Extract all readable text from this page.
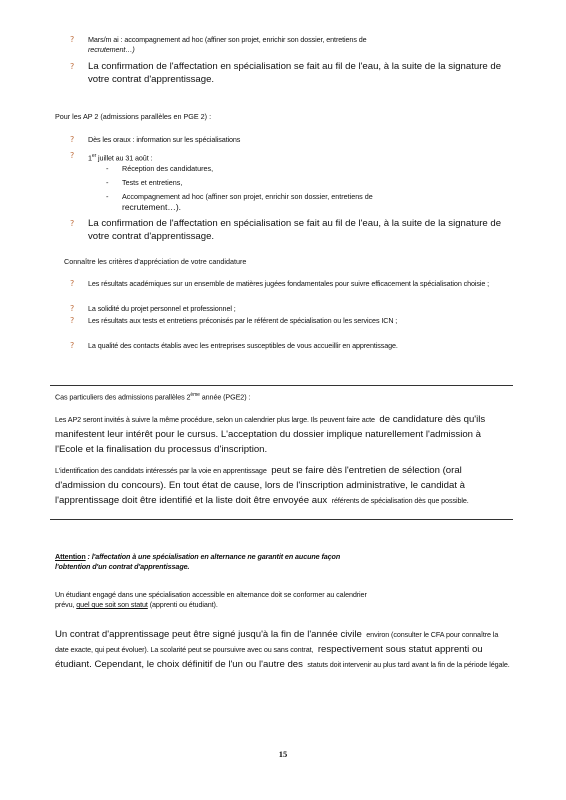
? Mars/m ai : accompagnement ad hoc (affiner son projet, enrichir son dossier, entretiens de
recrutement…)
? La confirmation de l'affectation en spécialisation se fait au fil de l'eau, à la suite de la signature de votre contrat d'apprentissage.
Pour les AP 2 (admissions parallèles en PGE 2) :
? Dès les oraux : information sur les spécialisations
? 1er juillet au 31 août :
- Réception des candidatures,
- Tests et entretiens,
- Accompagnement ad hoc (affiner son projet, enrichir son dossier, entretiens de
recrutement…).
? La confirmation de l'affectation en spécialisation se fait au fil de l'eau, à la suite de la signature de votre contrat d'apprentissage.
Connaître les critères d'appréciation de votre candidature
? Les résultats académiques sur un ensemble de matières jugées fondamentales pour suivre efficacement la spécialisation choisie ;
? La solidité du projet personnel et professionnel ;
? Les résultats aux tests et entretiens préconisés par le référent de spécialisation ou les services ICN ;
? La qualité des contacts établis avec les entreprises susceptibles de vous accueillir en apprentissage.
Cas particuliers des admissions parallèles 2ème année (PGE2) :
Les AP2 seront invités à suivre la même procédure, selon un calendrier plus large. Ils peuvent faire acte de candidature dès qu'ils manifestent leur intérêt pour le cursus. L'acceptation du dossier implique naturellement l'admission à l'Ecole et la finalisation du processus d'inscription.
L'identification des candidats intéressés par la voie en apprentissage peut se faire dès l'entretien de sélection (oral d'admission du concours). En tout état de cause, lors de l'inscription administrative, le candidat à l'apprentissage doit être identifié et la liste doit être envoyée aux référents de spécialisation dès que possible.
Attention : l'affectation à une spécialisation en alternance ne garantit en aucune façon
l'obtention d'un contrat d'apprentissage.
Un étudiant engagé dans une spécialisation accessible en alternance doit se conformer au calendrier
prévu, quel que soit son statut (apprenti ou étudiant).
Un contrat d'apprentissage peut être signé jusqu'à la fin de l'année civile environ (consulter le CFA pour connaître la date exacte, qui peut évoluer). La scolarité peut se poursuivre avec ou sans contrat, respectivement sous statut apprenti ou étudiant. Cependant, le choix définitif de l'un ou l'autre des statuts doit intervenir au plus tard avant la fin de la période légale.
15
